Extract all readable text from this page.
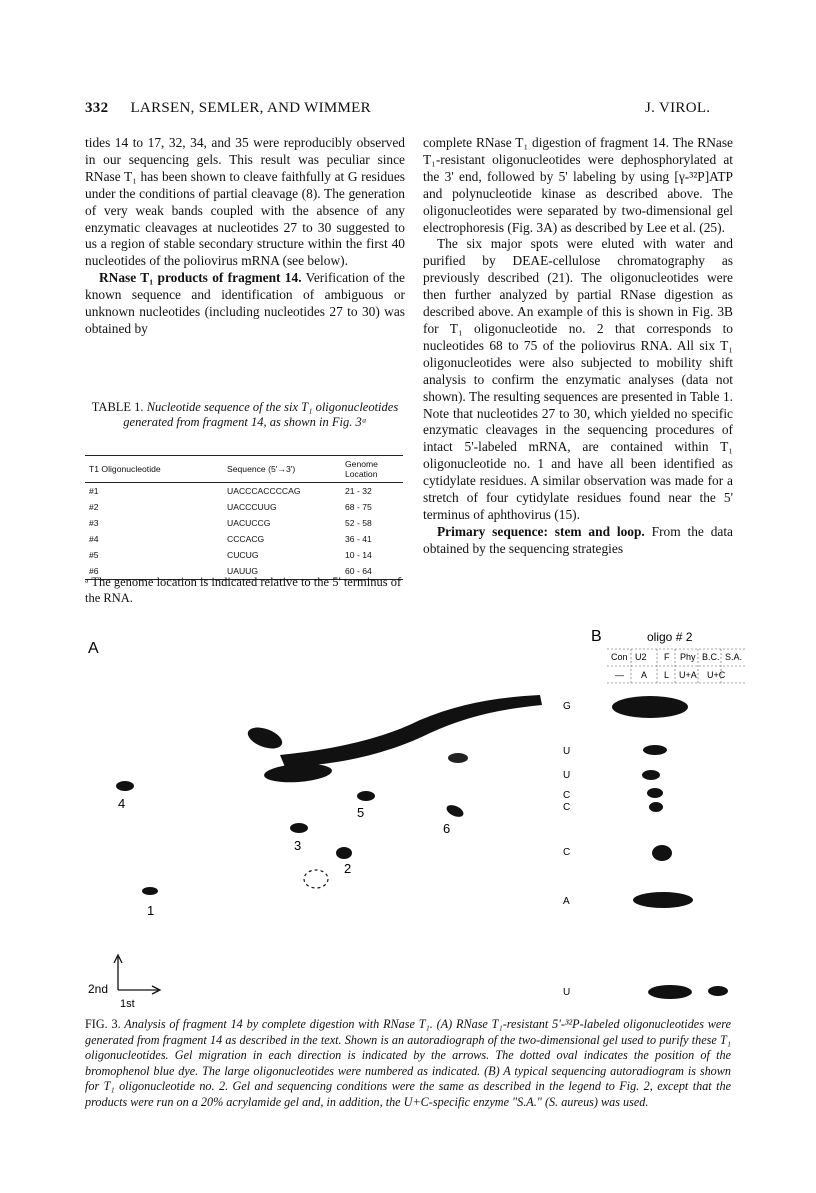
332 LARSEN, SEMLER, AND WIMMER	J. VIROL.

tides 14 to 17, 32, 34, and 35 were reproducibly observed in our sequencing gels. This result was peculiar since RNase T₁ has been shown to cleave faithfully at G residues under the conditions of partial cleavage (8). The generation of very weak bands coupled with the absence of any enzymatic cleavages at nucleotides 27 to 30 suggested to us a region of stable secondary structure within the first 40 nucleotides of the poliovirus mRNA (see below).

RNase T₁ products of fragment 14. Verification of the known sequence and identification of ambiguous or unknown nucleotides (including nucleotides 27 to 30) was obtained by

TABLE 1. Nucleotide sequence of the six T₁ oligonucleotides generated from fragment 14, as shown in Fig. 3ᵃ
T1 Oligonucleotide	Sequence (5'→3')	Genome Location
#1	UACCCACCCCAG	21 - 32
#2	UACCCUUG	68 - 75
#3	UACUCCG	52 - 58
#4	CCCACG	36 - 41
#5	CUCUG	10 - 14
#6	UAUUG	60 - 64
ᵃ The genome location is indicated relative to the 5' terminus of the RNA.

complete RNase T₁ digestion of fragment 14. The RNase T₁-resistant oligonucleotides were dephosphorylated at the 3' end, followed by 5' labeling by using [γ-³²P]ATP and polynucleotide kinase as described above. The oligonucleotides were separated by two-dimensional gel electrophoresis (Fig. 3A) as described by Lee et al. (25).

The six major spots were eluted with water and purified by DEAE-cellulose chromatography as previously described (21). The oligonucleotides were then further analyzed by partial RNase digestion as described above. An example of this is shown in Fig. 3B for T₁ oligonucleotide no. 2 that corresponds to nucleotides 68 to 75 of the poliovirus RNA. All six T₁ oligonucleotides were also subjected to mobility shift analysis to confirm the enzymatic analyses (data not shown). The resulting sequences are presented in Table 1. Note that nucleotides 27 to 30, which yielded no specific enzymatic cleavages in the sequencing procedures of intact 5'-labeled mRNA, are contained within T₁ oligonucleotide no. 1 and have all been identified as cytidylate residues. A similar observation was made for a stretch of four cytidylate residues found near the 5' terminus of aphthovirus (15).

Primary sequence: stem and loop. From the data obtained by the sequencing strategies

A
4
5
6
3
2
1
2nd
1st
B	oligo # 2
Con U2 F Phy B.C. S.A.
— A L U+A U+C
G
U
U
C
C
C
A
U
FIG. 3. Analysis of fragment 14 by complete digestion with RNase T₁. (A) RNase T₁-resistant 5'-³²P-labeled oligonucleotides were generated from fragment 14 as described in the text. Shown is an autoradiograph of the two-dimensional gel used to purify these T₁ oligonucleotides. Gel migration in each direction is indicated by the arrows. The dotted oval indicates the position of the bromophenol blue dye. The large oligonucleotides were numbered as indicated. (B) A typical sequencing autoradiogram is shown for T₁ oligonucleotide no. 2. Gel and sequencing conditions were the same as described in the legend to Fig. 2, except that the products were run on a 20% acrylamide gel and, in addition, the U+C-specific enzyme "S.A." (S. aureus) was used.
